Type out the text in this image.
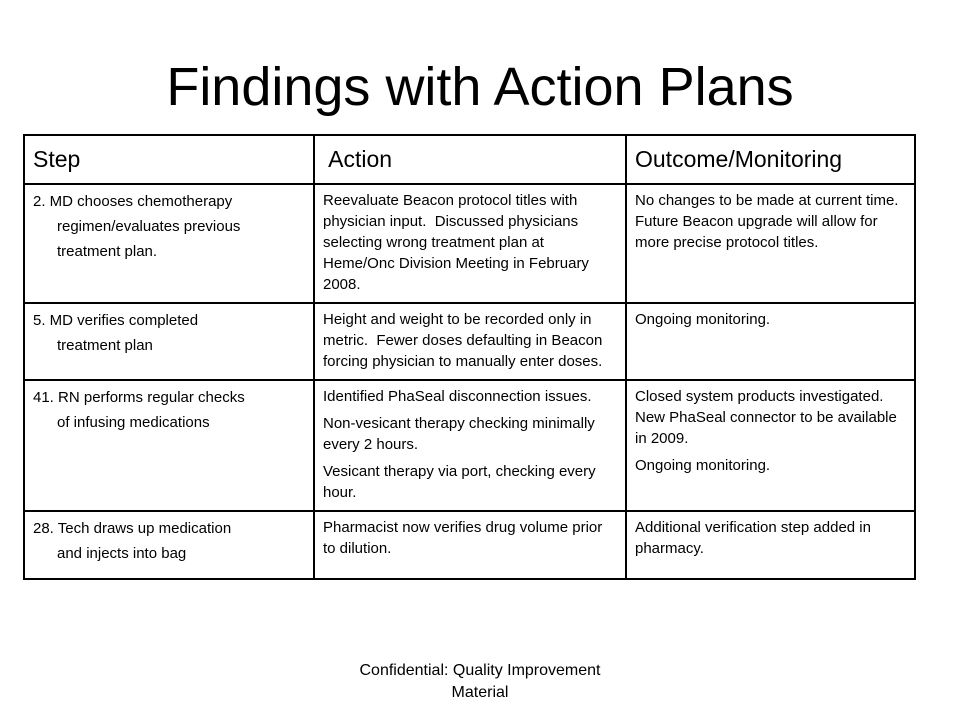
Findings with Action Plans
Step	Action	Outcome/Monitoring

2. MD chooses chemotherapy
regimen/evaluates previous
treatment plan.	Reevaluate Beacon protocol titles with physician input.  Discussed physicians selecting wrong treatment plan at Heme/Onc Division Meeting in February 2008.	No changes to be made at current time.  Future Beacon upgrade will allow for more precise protocol titles.

5. MD verifies completed
treatment plan	Height and weight to be recorded only in metric.  Fewer doses defaulting in Beacon forcing physician to manually enter doses.	Ongoing monitoring.

41. RN performs regular checks
of infusing medications	Identified PhaSeal disconnection issues.
Non-vesicant therapy checking minimally every 2 hours.
Vesicant therapy via port, checking every hour.	Closed system products investigated.  New PhaSeal connector to be available in 2009.
Ongoing monitoring.

28. Tech draws up medication
and injects into bag	Pharmacist now verifies drug volume prior to dilution.	Additional verification step added in pharmacy.
Confidential: Quality Improvement
Material
